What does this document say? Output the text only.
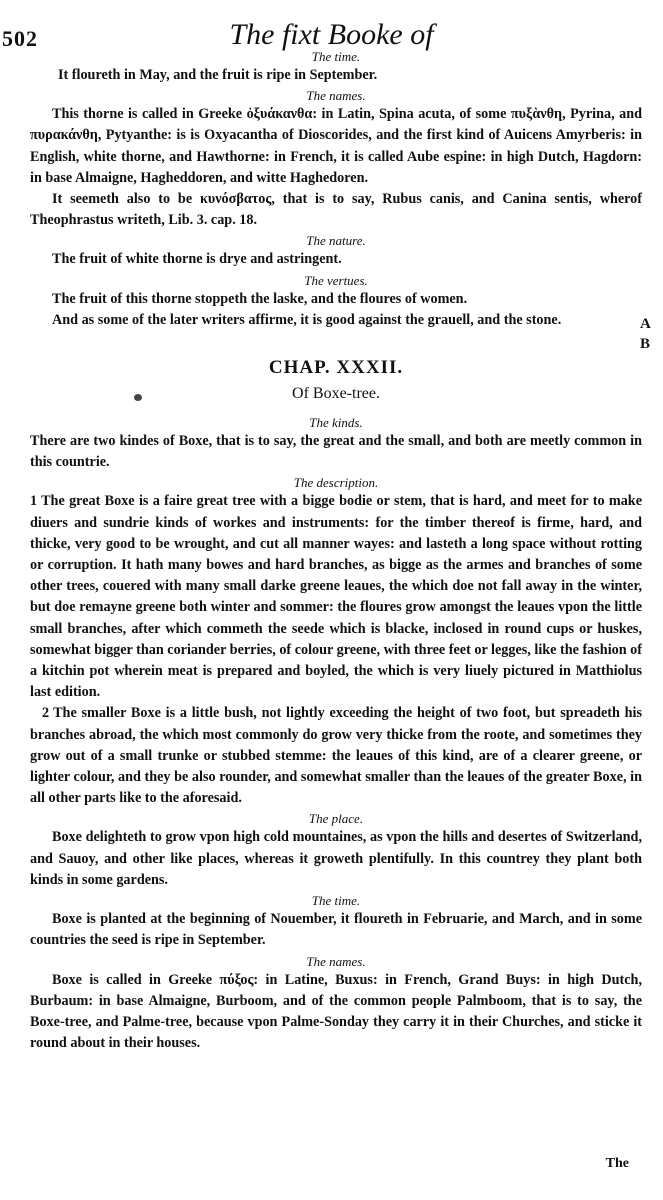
502	The fixt Booke of
The time.

It floureth in May, and the fruit is ripe in September.

The names.

This thorne is called in Greeke ὀξυάκανθα: in Latin, Spina acuta, of some πυξὰνθη, Pyrina, and πυρακάνθη, Pytyanthe: is is Oxyacantha of Dioscorides, and the first kind of Auicens Amyrberis: in English, white thorne, and Hawthorne: in French, it is called Aube espine: in high Dutch, Hagdorn: in base Almaigne, Hagheddoren, and witte Haghedoren.

It seemeth also to be κυνόσβατος, that is to say, Rubus canis, and Canina sentis, wherof Theophrastus writeth, Lib. 3. cap. 18.

The nature.

The fruit of white thorne is drye and astringent.

The vertues.

The fruit of this thorne stoppeth the laske, and the floures of women.

And as some of the later writers affirme, it is good against the grauell, and the stone.

CHAP. XXXII.
Of Boxe-tree.
The kinds.

There are two kindes of Boxe, that is to say, the great and the small, and both are meetly common in this countrie.

The description.

1 The great Boxe is a faire great tree with a bigge bodie or stem, that is hard, and meet for to make diuers and sundrie kinds of workes and instruments: for the timber thereof is firme, hard, and thicke, very good to be wrought, and cut all manner wayes: and lasteth a long space without rotting or corruption. It hath many bowes and hard branches, as bigge as the armes and branches of some other trees, couered with many small darke greene leaues, the which doe not fall away in the winter, but doe remayne greene both winter and sommer: the floures grow amongst the leaues vpon the little small branches, after which commeth the seede which is blacke, inclosed in round cups or huskes, somewhat bigger than coriander berries, of colour greene, with three feet or legges, like the fashion of a kitchin pot wherein meat is prepared and boyled, the which is very liuely pictured in Matthiolus last edition.

2 The smaller Boxe is a little bush, not lightly exceeding the height of two foot, but spreadeth his branches abroad, the which most commonly do grow very thicke from the roote, and sometimes they grow out of a small trunke or stubbed stemme: the leaues of this kind, are of a clearer greene, or lighter colour, and they be also rounder, and somewhat smaller than the leaues of the greater Boxe, in all other parts like to the aforesaid.

The place.

Boxe delighteth to grow vpon high cold mountaines, as vpon the hills and desertes of Switzerland, and Sauoy, and other like places, whereas it groweth plentifully. In this countrey they plant both kinds in some gardens.

The time.

Boxe is planted at the beginning of Nouember, it floureth in Februarie, and March, and in some countries the seed is ripe in September.

The names.

Boxe is called in Greeke πύξος: in Latine, Buxus: in French, Grand Buys: in high Dutch, Burbaum: in base Almaigne, Burboom, and of the common people Palmboom, that is to say, the Boxe-tree, and Palme-tree, because vpon Palme-Sonday they carry it in their Churches, and sticke it round about in their houses.

A
B
The
